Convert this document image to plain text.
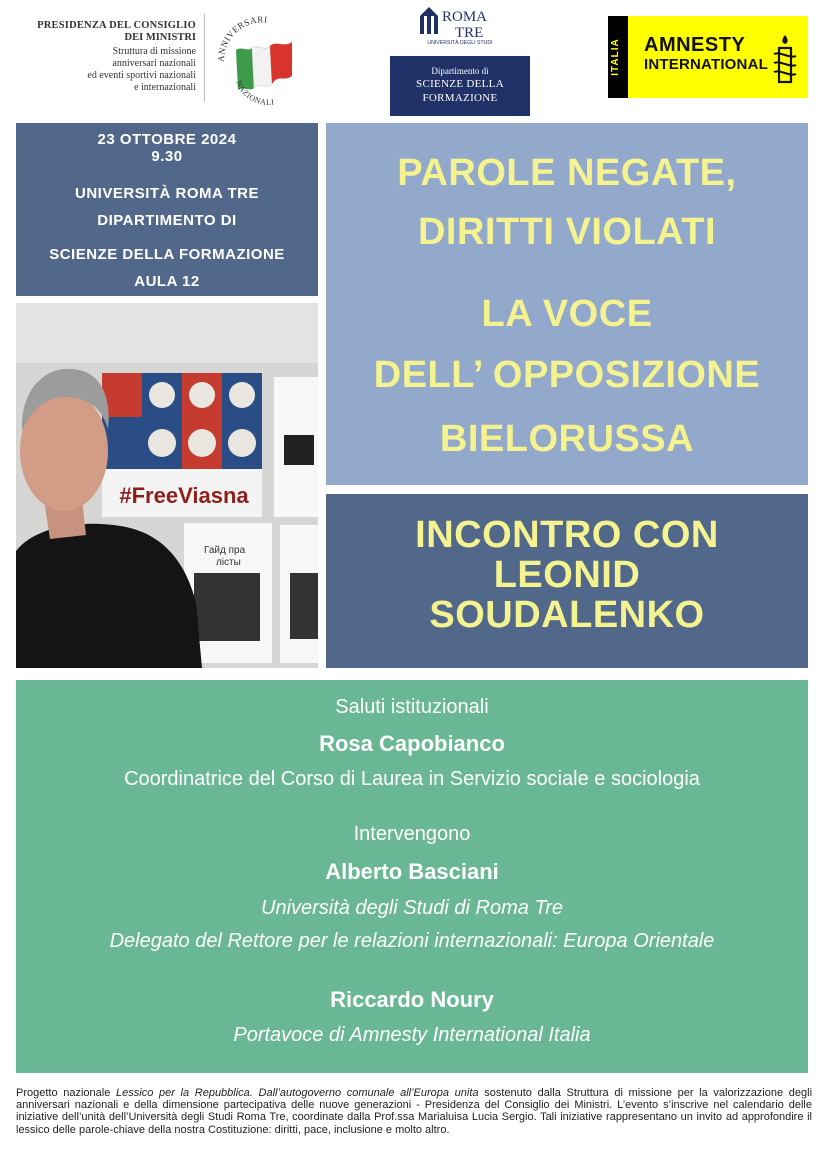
PRESIDENZA DEL CONSIGLIO
DEI MINISTRI
Struttura di missione
anniversari nazionali
ed eventi sportivi nazionali
e internazionali
ANNIVERSARI
NAZIONALI
ROMA
TRE
UNIVERSITÀ DEGLI STUDI
Dipartimento di
SCIENZE DELLA
FORMAZIONE
ITALIA AMNESTY
INTERNATIONAL
23 OTTOBRE 2024
9.30
UNIVERSITÀ ROMA TRE
DIPARTIMENTO DI
SCIENZE DELLA FORMAZIONE
AULA 12
PAROLE NEGATE,
DIRITTI VIOLATI
LA VOCE
DELL’ OPPOSIZIONE
BIELORUSSA
#FreeViasna
Гайд пра
лісты
INCONTRO CON
LEONID
SOUDALENKO
Saluti istituzionali
Rosa Capobianco
Coordinatrice del Corso di Laurea in Servizio sociale e sociologia
Intervengono
Alberto Basciani
Università degli Studi di Roma Tre
Delegato del Rettore per le relazioni internazionali: Europa Orientale
Riccardo Noury
Portavoce di Amnesty International Italia
Progetto nazionale Lessico per la Repubblica. Dall’autogoverno comunale all’Europa unita sostenuto dalla Struttura di missione per la valorizzazione degli anniversari nazionali e della dimensione partecipativa delle nuove generazioni - Presidenza del Consiglio dei Ministri. L’evento s’inscrive nel calendario delle iniziative dell’unità dell’Università degli Studi Roma Tre, coordinate dalla Prof.ssa Marialuisa Lucia Sergio. Tali iniziative rappresentano un invito ad approfondire il lessico delle parole-chiave della nostra Costituzione: diritti, pace, inclusione e molto altro.
